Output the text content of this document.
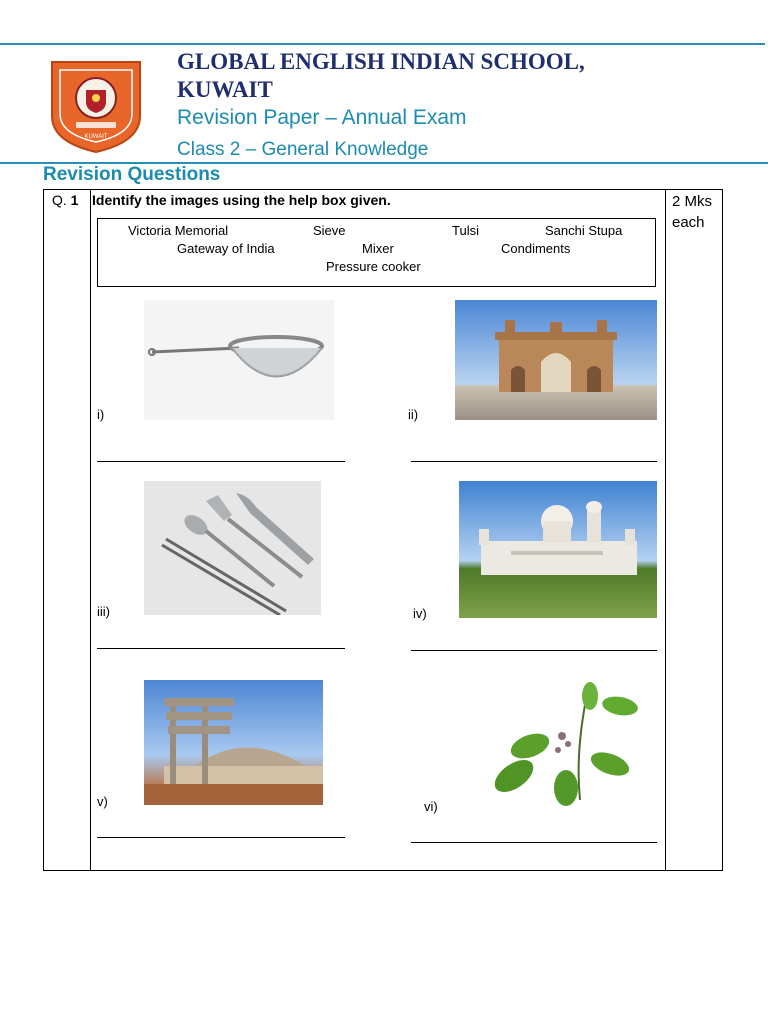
KUWAIT
GLOBAL ENGLISH INDIAN SCHOOL,
KUWAIT
Revision Paper – Annual Exam
Class 2 – General Knowledge
Revision Questions
Q. 1 Identify the images using the help box given.	2 Mks
each
Victoria Memorial	Sieve	Tulsi	Sanchi Stupa
Gateway of India	Mixer	Condiments
Pressure cooker
i)	ii)
iii)	iv)
v)	vi)
